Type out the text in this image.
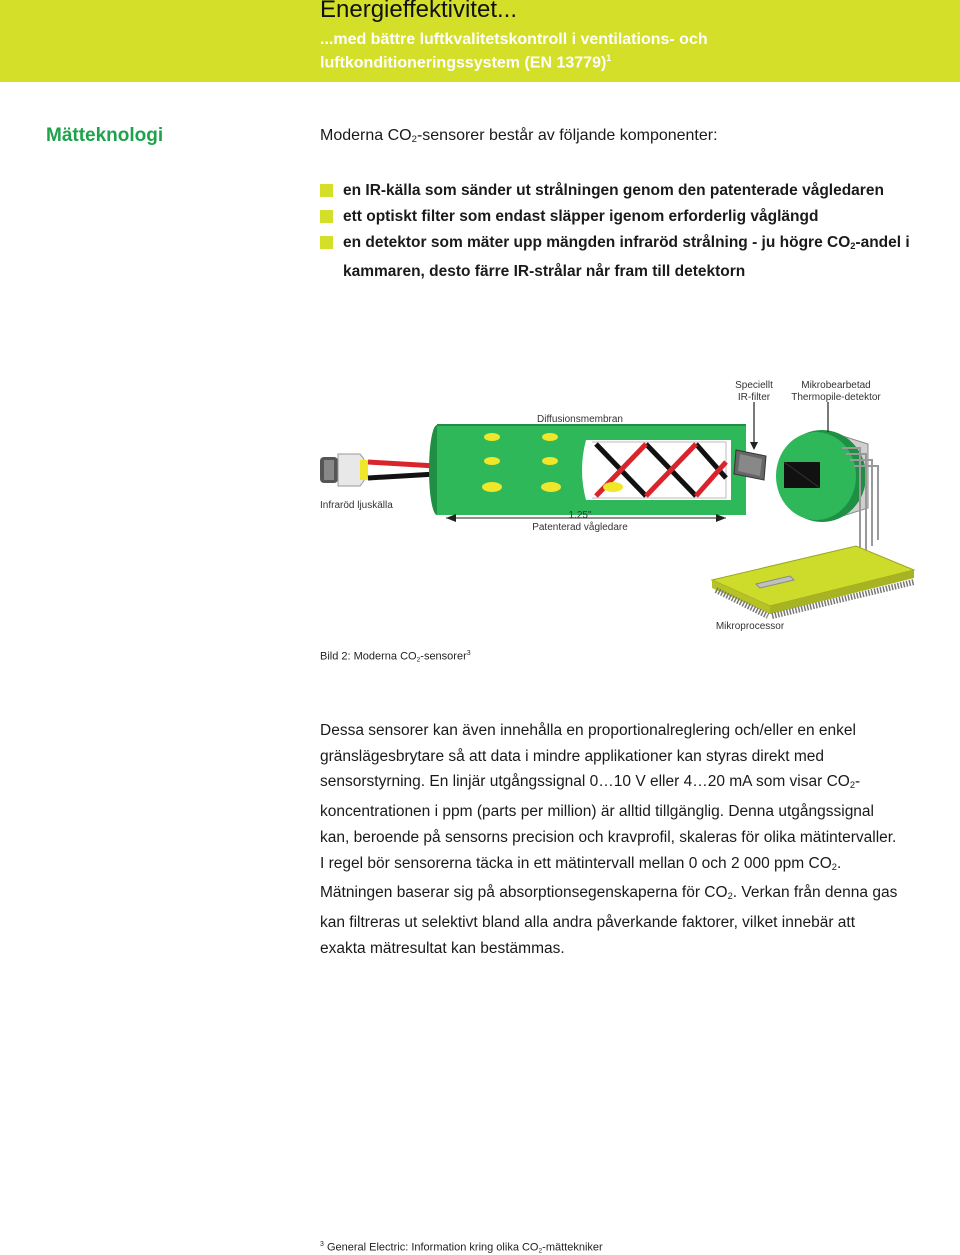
Energieffektivitet...
...med bättre luftkvalitetskontroll i ventilations- och
luftkonditioneringssystem (EN 13779)$^1$
Mätteknologi	Moderna $CO_2$-sensorer består av följande komponenter:
en IR-källa som sänder ut strålningen genom den patenterade vågledaren
ett optiskt filter som endast släpper igenom erforderlig våglängd
en detektor som mäter upp mängden infraröd strålning - ju högre $CO_2$-andel i kammaren, desto färre IR-strålar når fram till detektorn
Speciellt
IR-filter
Mikrobearbetad
Thermopile-detektor
Diffusionsmembran
Infraröd ljuskälla
1.25"
Patenterad vågledare
Mikroprocessor
Bild 2: Moderna $CO_2-sensorer^3$

Dessa sensorer kan även innehålla en proportionalreglering och/eller en enkel gränslägesbrytare så att data i mindre applikationer kan styras direkt med sensorstyrning. En linjär utgångssignal 0…10 V eller 4…20 mA som visar $CO_2$-koncentrationen i ppm (parts per million) är alltid tillgänglig. Denna utgångssignal kan, beroende på sensorns precision och kravprofil, skaleras för olika mätintervaller. I regel bör sensorerna täcka in ett mätintervall mellan 0 och 2 000 ppm $CO_2$. Mätningen baserar sig på absorptionsegenskaperna för $CO_2$. Verkan från denna gas kan filtreras ut selektivt bland alla andra påverkande faktorer, vilket innebär att exakta mätresultat kan bestämmas.

$^3$ General Electric: Information kring olika $CO_2$-mättekniker
